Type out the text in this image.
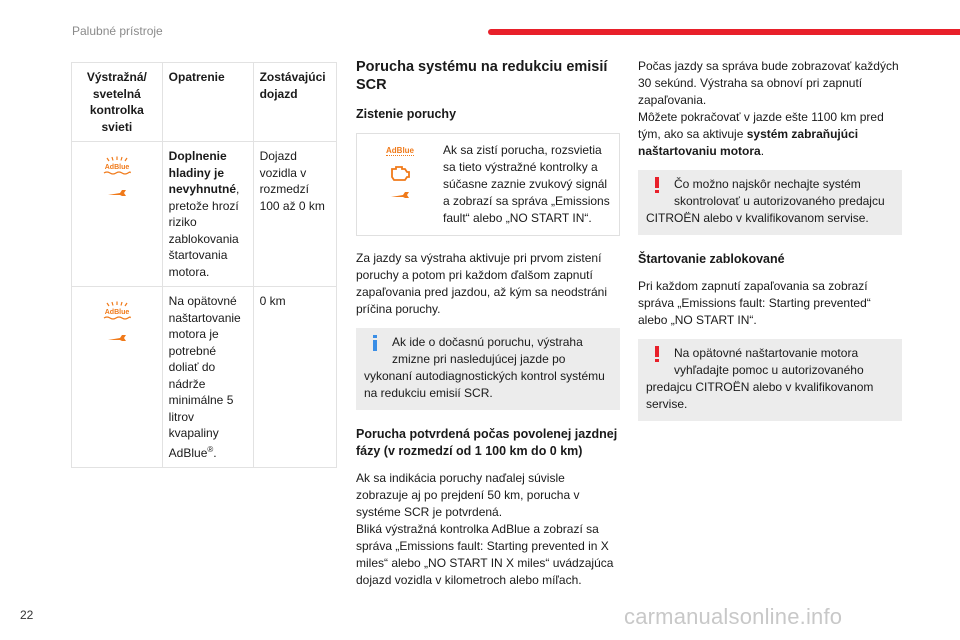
Palubné prístroje
Výstražná/ svetelná kontrolka svieti	Opatrenie	Zostávajúci dojazd

AdBlue	Doplnenie hladiny je nevyhnutné, pretože hrozí riziko zablokovania štartovania motora.	Dojazd vozidla v rozmedzí 100 až 0 km

AdBlue	Na opätovné naštartovanie motora je potrebné doliať do nádrže minimálne 5 litrov kvapaliny AdBlue®.	0 km
Porucha systému na redukciu emisií SCR
Zistenie poruchy
AdBlue Ak sa zistí porucha, rozsvietia sa tieto výstražné kontrolky a súčasne zaznie zvukový signál a zobrazí sa správa „Emissions fault“ alebo „NO START IN“.

Za jazdy sa výstraha aktivuje pri prvom zistení poruchy a potom pri každom ďalšom zapnutí zapaľovania pred jazdou, až kým sa neodstráni príčina poruchy.

Ak ide o dočasnú poruchu, výstraha zmizne pri nasledujúcej jazde po vykonaní autodiagnostických kontrol systému na redukciu emisií SCR.
Porucha potvrdená počas povolenej jazdnej fázy (v rozmedzí od 1 100 km do 0 km)

Ak sa indikácia poruchy naďalej súvisle zobrazuje aj po prejdení 50 km, porucha v systéme SCR je potvrdená.

Bliká výstražná kontrolka AdBlue a zobrazí sa správa „Emissions fault: Starting prevented in X miles“ alebo „NO START IN X miles“ uvádzajúca dojazd vozidla v kilometroch alebo míľach.

Počas jazdy sa správa bude zobrazovať každých 30 sekúnd. Výstraha sa obnoví pri zapnutí zapaľovania.

Môžete pokračovať v jazde ešte 1100 km pred tým, ako sa aktivuje systém zabraňujúci naštartovaniu motora.

Čo možno najskôr nechajte systém skontrolovať u autorizovaného predajcu CITROËN alebo v kvalifikovanom servise.
Štartovanie zablokované

Pri každom zapnutí zapaľovania sa zobrazí správa „Emissions fault: Starting prevented“ alebo „NO START IN“.

Na opätovné naštartovanie motora vyhľadajte pomoc u autorizovaného predajcu CITROËN alebo v kvalifikovanom servise.
22	carmanualsonline.info
